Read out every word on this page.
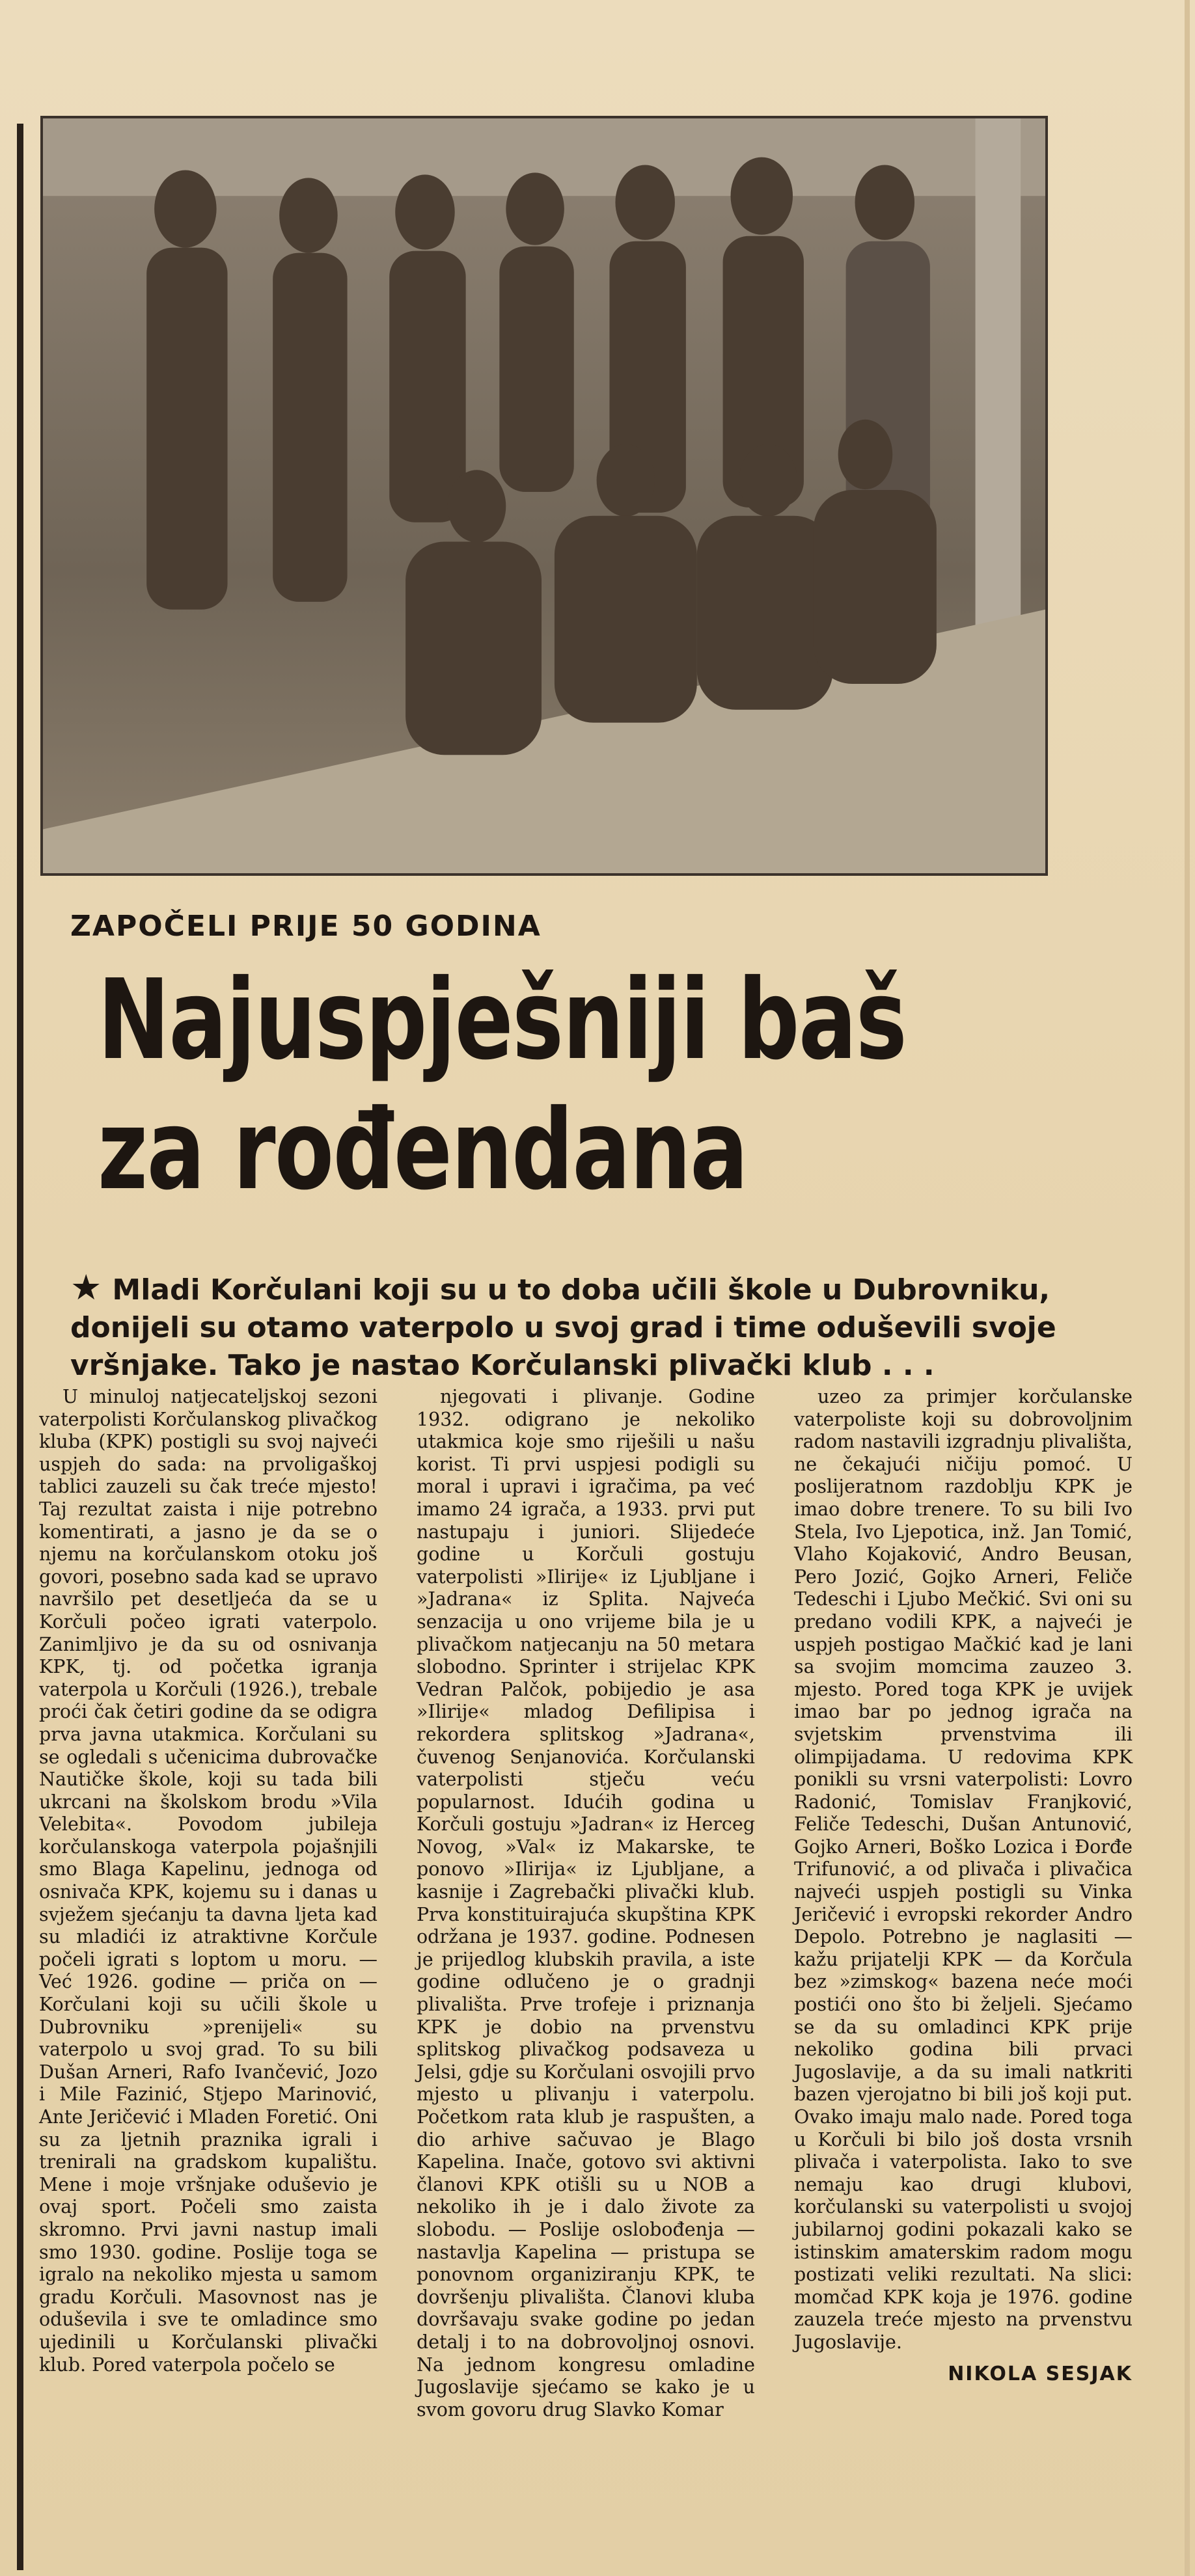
ZAPOČELI PRIJE 50 GODINA
Najuspješniji baš
za rođendana
★ Mladi Korčulani koji su u to doba učili škole u Dubrovniku, donijeli su otamo vaterpolo u svoj grad i time oduševili svoje vršnjake. Tako je nastao Korčulanski plivački klub . . .

U minuloj natjecateljskoj sezoni vaterpolisti Korčulanskog plivačkog kluba (KPK) postigli su svoj najveći uspjeh do sada: na prvoligaškoj tablici zauzeli su čak treće mjesto! Taj rezultat zaista i nije potrebno komentirati, a jasno je da se o njemu na korčulanskom otoku još govori, posebno sada kad se upravo navršilo pet desetljeća da se u Korčuli počeo igrati vaterpolo. Zanimljivo je da su od osnivanja KPK, tj. od početka igranja vaterpola u Korčuli (1926.), trebale proći čak četiri godine da se odigra prva javna utakmica. Korčulani su se ogledali s učenicima dubrovačke Nautičke škole, koji su tada bili ukrcani na školskom brodu »Vila Velebita«. Povodom jubileja korčulanskoga vaterpola pojašnjili smo Blaga Kapelinu, jednoga od osnivača KPK, kojemu su i danas u svježem sjećanju ta davna ljeta kad su mladići iz atraktivne Korčule počeli igrati s loptom u moru. — Već 1926. godine — priča on — Korčulani koji su učili škole u Dubrovniku »prenijeli« su vaterpolo u svoj grad. To su bili Dušan Arneri, Rafo Ivančević, Jozo i Mile Fazinić, Stjepo Marinović, Ante Jeričević i Mladen Foretić. Oni su za ljetnih praznika igrali i trenirali na gradskom kupalištu. Mene i moje vršnjake oduševio je ovaj sport. Počeli smo zaista skromno. Prvi javni nastup imali smo 1930. godine. Poslije toga se igralo na nekoliko mjesta u samom gradu Korčuli. Masovnost nas je oduševila i sve te omladince smo ujedinili u Korčulanski plivački klub. Pored vaterpola počelo se

njegovati i plivanje. Godine 1932. odigrano je nekoliko utakmica koje smo riješili u našu korist. Ti prvi uspjesi podigli su moral i upravi i igračima, pa već imamo 24 igrača, a 1933. prvi put nastupaju i juniori. Slijedeće godine u Korčuli gostuju vaterpolisti »Ilirije« iz Ljubljane i »Jadrana« iz Splita. Najveća senzacija u ono vrijeme bila je u plivačkom natjecanju na 50 metara slobodno. Sprinter i strijelac KPK Vedran Palčok, pobijedio je asa »Ilirije« mladog Defilipisa i rekordera splitskog »Jadrana«, čuvenog Senjanovića. Korčulanski vaterpolisti stječu veću popularnost. Idućih godina u Korčuli gostuju »Jadran« iz Herceg Novog, »Val« iz Makarske, te ponovo »Ilirija« iz Ljubljane, a kasnije i Zagrebački plivački klub. Prva konstituirajuća skupština KPK održana je 1937. godine. Podnesen je prijedlog klubskih pravila, a iste godine odlučeno je o gradnji plivališta. Prve trofeje i priznanja KPK je dobio na prvenstvu splitskog plivačkog podsaveza u Jelsi, gdje su Korčulani osvojili prvo mjesto u plivanju i vaterpolu. Početkom rata klub je raspušten, a dio arhive sačuvao je Blago Kapelina. Inače, gotovo svi aktivni članovi KPK otišli su u NOB a nekoliko ih je i dalo živote za slobodu. — Poslije oslobođenja — nastavlja Kapelina — pristupa se ponovnom organiziranju KPK, te dovršenju plivališta. Članovi kluba dovršavaju svake godine po jedan detalj i to na dobrovoljnoj osnovi. Na jednom kongresu omladine Jugoslavije sjećamo se kako je u svom govoru drug Slavko Komar

uzeo za primjer korčulanske vaterpoliste koji su dobrovoljnim radom nastavili izgradnju plivališta, ne čekajući ničiju pomoć. U poslijeratnom razdoblju KPK je imao dobre trenere. To su bili Ivo Stela, Ivo Ljepotica, inž. Jan Tomić, Vlaho Kojaković, Andro Beusan, Pero Jozić, Gojko Arneri, Feliče Tedeschi i Ljubo Mečkić. Svi oni su predano vodili KPK, a najveći je uspjeh postigao Mačkić kad je lani sa svojim momcima zauzeo 3. mjesto. Pored toga KPK je uvijek imao bar po jednog igrača na svjetskim prvenstvima ili olimpijadama. U redovima KPK ponikli su vrsni vaterpolisti: Lovro Radonić, Tomislav Franjković, Feliče Tedeschi, Dušan Antunović, Gojko Arneri, Boško Lozica i Đorđe Trifunović, a od plivača i plivačica najveći uspjeh postigli su Vinka Jeričević i evropski rekorder Andro Depolo. Potrebno je naglasiti — kažu prijatelji KPK — da Korčula bez »zimskog« bazena neće moći postići ono što bi željeli. Sjećamo se da su omladinci KPK prije nekoliko godina bili prvaci Jugoslavije, a da su imali natkriti bazen vjerojatno bi bili još koji put. Ovako imaju malo nade. Pored toga u Korčuli bi bilo još dosta vrsnih plivača i vaterpolista. Iako to sve nemaju kao drugi klubovi, korčulanski su vaterpolisti u svojoj jubilarnoj godini pokazali kako se istinskim amaterskim radom mogu postizati veliki rezultati. Na slici: momčad KPK koja je 1976. godine zauzela treće mjesto na prvenstvu Jugoslavije.

NIKOLA SESJAK
